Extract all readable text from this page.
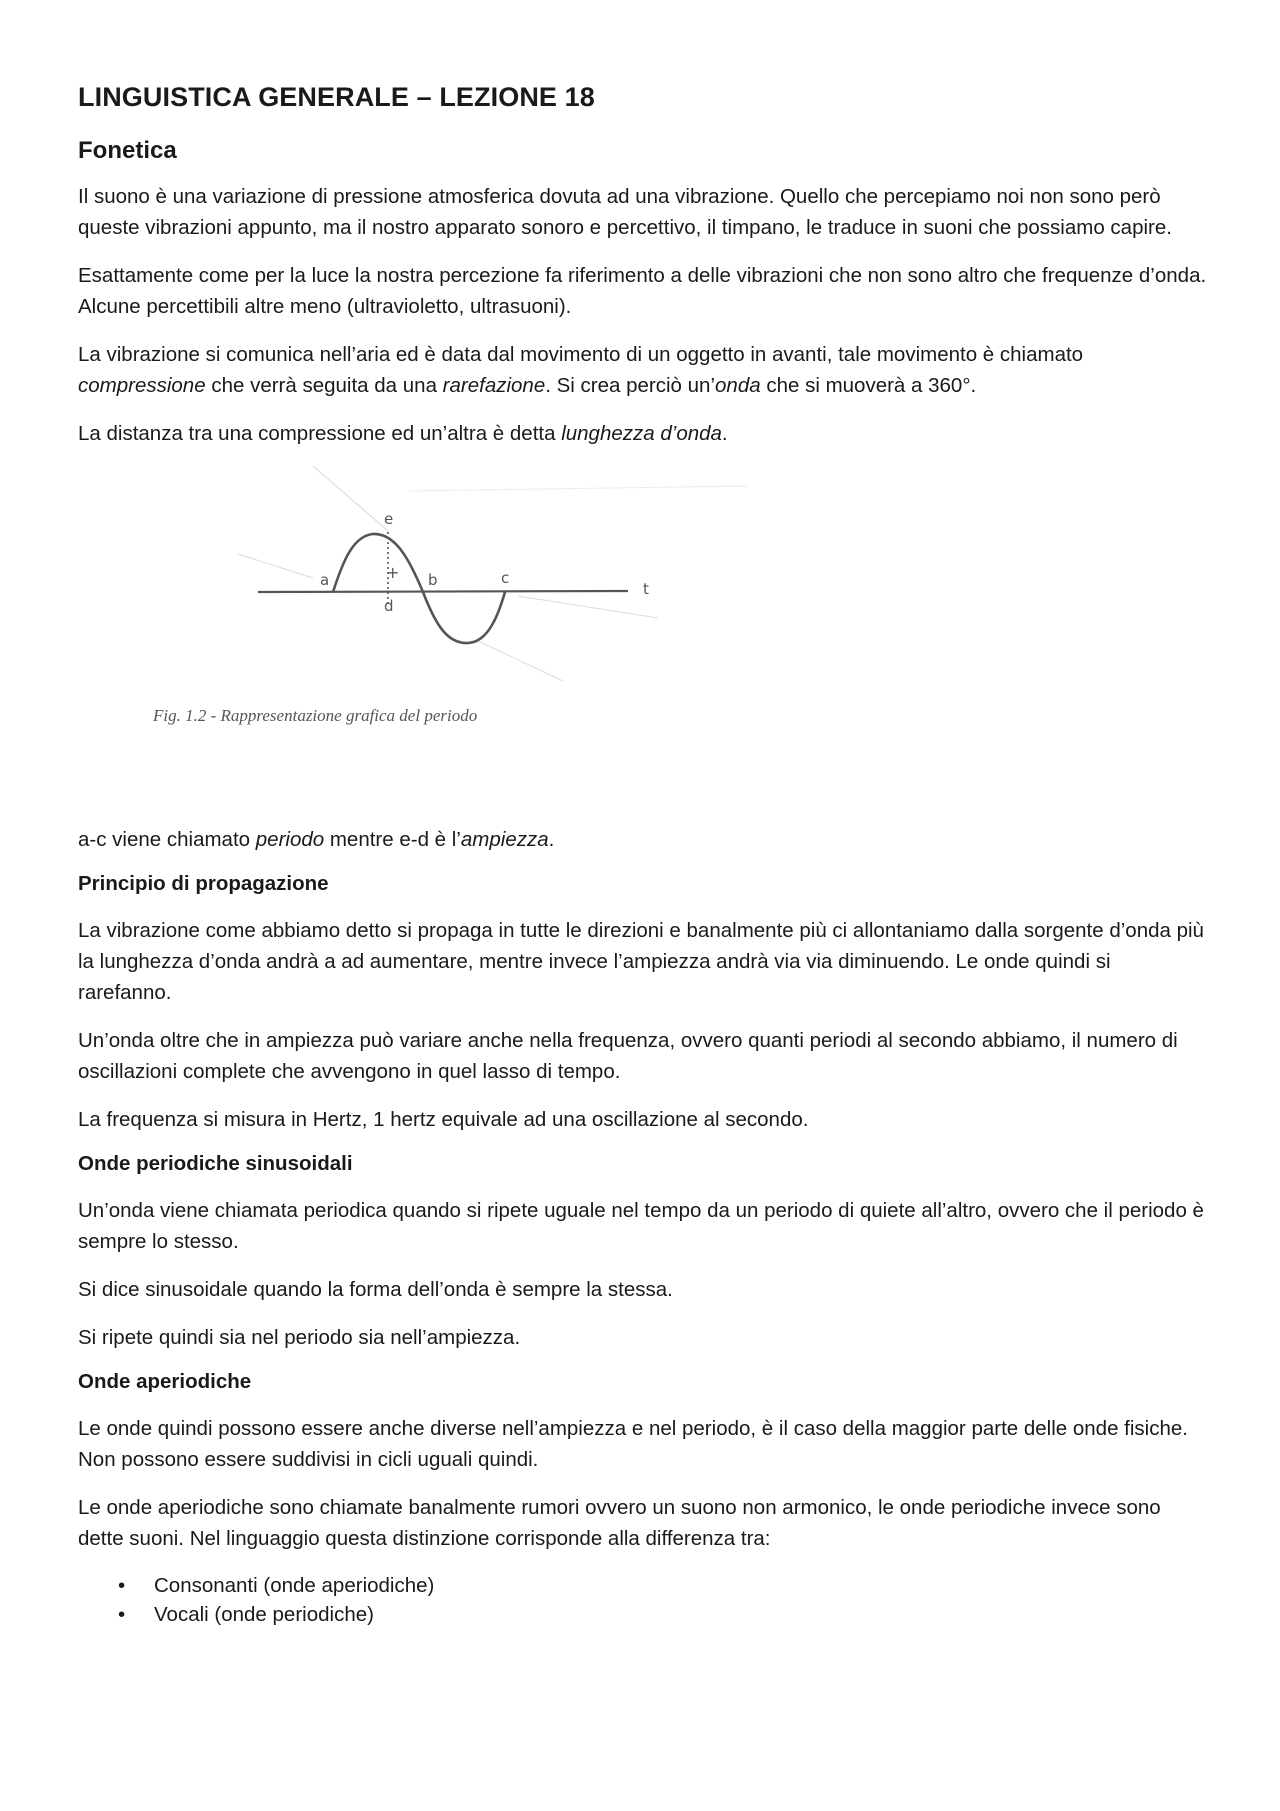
LINGUISTICA GENERALE – LEZIONE 18
Fonetica

Il suono è una variazione di pressione atmosferica dovuta ad una vibrazione. Quello che percepiamo noi non sono però queste vibrazioni appunto, ma il nostro apparato sonoro e percettivo, il timpano, le traduce in suoni che possiamo capire.

Esattamente come per la luce la nostra percezione fa riferimento a delle vibrazioni che non sono altro che frequenze d’onda. Alcune percettibili altre meno (ultravioletto, ultrasuoni).

La vibrazione si comunica nell’aria ed è data dal movimento di un oggetto in avanti, tale movimento è chiamato compressione che verrà seguita da una rarefazione. Si crea perciò un’onda che si muoverà a 360°.

La distanza tra una compressione ed un’altra è detta lunghezza d’onda.

+
e
a	b	c
d
t
Fig. 1.2 - Rappresentazione grafica del periodo

a-c viene chiamato periodo mentre e-d è l’ampiezza.

Principio di propagazione

La vibrazione come abbiamo detto si propaga in tutte le direzioni e banalmente più ci allontaniamo dalla sorgente d’onda più la lunghezza d’onda andrà a ad aumentare, mentre invece l’ampiezza andrà via via diminuendo. Le onde quindi si rarefanno.

Un’onda oltre che in ampiezza può variare anche nella frequenza, ovvero quanti periodi al secondo abbiamo, il numero di oscillazioni complete che avvengono in quel lasso di tempo.

La frequenza si misura in Hertz, 1 hertz equivale ad una oscillazione al secondo.

Onde periodiche sinusoidali

Un’onda viene chiamata periodica quando si ripete uguale nel tempo da un periodo di quiete all’altro, ovvero che il periodo è sempre lo stesso.

Si dice sinusoidale quando la forma dell’onda è sempre la stessa.

Si ripete quindi sia nel periodo sia nell’ampiezza.

Onde aperiodiche

Le onde quindi possono essere anche diverse nell’ampiezza e nel periodo, è il caso della maggior parte delle onde fisiche. Non possono essere suddivisi in cicli uguali quindi.

Le onde aperiodiche sono chiamate banalmente rumori ovvero un suono non armonico, le onde periodiche invece sono dette suoni. Nel linguaggio questa distinzione corrisponde alla differenza tra:

• Consonanti (onde aperiodiche)
• Vocali (onde periodiche)
